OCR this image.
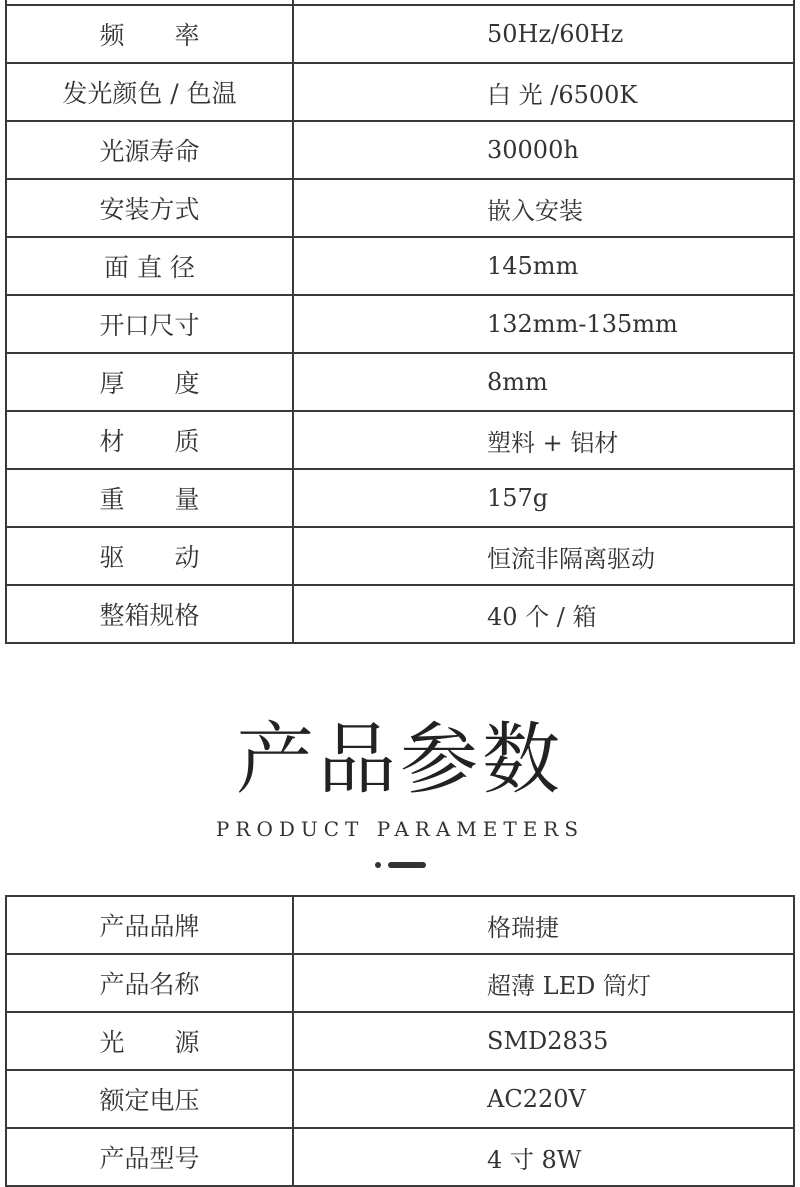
频　　率	50Hz/60Hz

发光颜色 / 色温	白 光 /6500K

光源寿命	30000h

安装方式	嵌入安装

面 直 径	145mm

开口尺寸	132mm-135mm

厚　　度	8mm

材　　质	塑料 + 铝材

重　　量	157g

驱　　动	恒流非隔离驱动

整箱规格	40 个 / 箱
产品参数
PRODUCT PARAMETERS
产品品牌	格瑞捷

产品名称	超薄 LED 筒灯

光　　源	SMD2835

额定电压	AC220V

产品型号	4 寸 8W
